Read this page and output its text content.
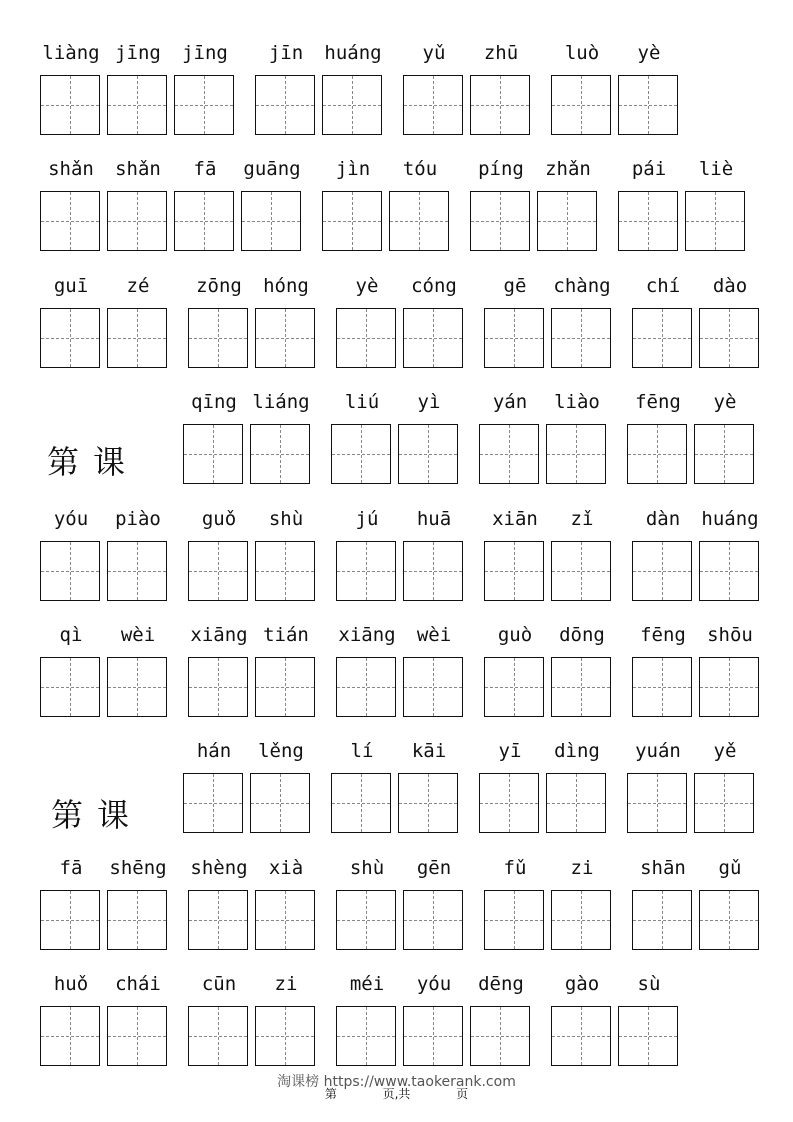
liàng jīng	jīng	jīn	huáng	yǔ	zhū	luò	yè
shǎn	shǎn	fā	guāng	jìn	tóu	píng	zhǎn	pái	liè
guī	zé	zōng	hóng	yè	cóng	gē	chàng	chí	dào
qīng liáng	liú	yì	yán	liào	fēng	yè
yóu	piào	guǒ	shù	jú	huā	xiān	zǐ	dàn	huáng
qì	wèi	xiāng tián	xiāng	wèi	guò	dōng	fēng	shōu
hán	lěng	lí	kāi	yī	dìng	yuán	yě
fā	shēng shèng	xià	shù	gēn	fǔ	zi	shān	gǔ
huǒ	chái	cūn	zi	méi	yóu	dēng	gào	sù
第课
第课
淘课榜 https://www.taokerank.com
第	页,共	页
